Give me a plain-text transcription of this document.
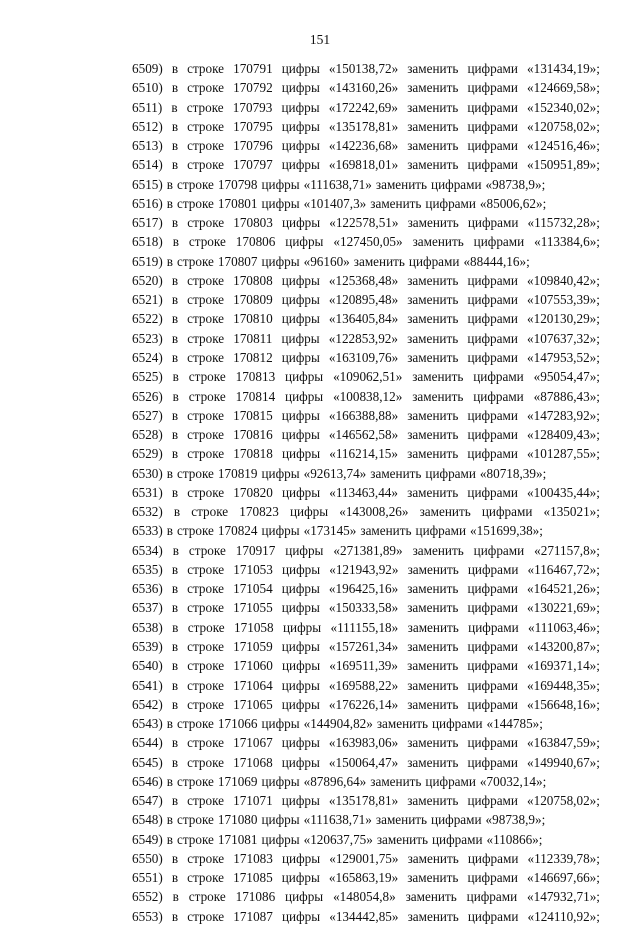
151
6509) в строке 170791 цифры «150138,72» заменить цифрами «131434,19»;
6510) в строке 170792 цифры «143160,26» заменить цифрами «124669,58»;
6511) в строке 170793 цифры «172242,69» заменить цифрами «152340,02»;
6512) в строке 170795 цифры «135178,81» заменить цифрами «120758,02»;
6513) в строке 170796 цифры «142236,68» заменить цифрами «124516,46»;
6514) в строке 170797 цифры «169818,01» заменить цифрами «150951,89»;
6515) в строке 170798 цифры «111638,71» заменить цифрами «98738,9»;
6516) в строке 170801 цифры «101407,3» заменить цифрами «85006,62»;
6517) в строке 170803 цифры «122578,51» заменить цифрами «115732,28»;
6518) в строке 170806 цифры «127450,05» заменить цифрами «113384,6»;
6519) в строке 170807 цифры «96160» заменить цифрами «88444,16»;
6520) в строке 170808 цифры «125368,48» заменить цифрами «109840,42»;
6521) в строке 170809 цифры «120895,48» заменить цифрами «107553,39»;
6522) в строке 170810 цифры «136405,84» заменить цифрами «120130,29»;
6523) в строке 170811 цифры «122853,92» заменить цифрами «107637,32»;
6524) в строке 170812 цифры «163109,76» заменить цифрами «147953,52»;
6525) в строке 170813 цифры «109062,51» заменить цифрами «95054,47»;
6526) в строке 170814 цифры «100838,12» заменить цифрами «87886,43»;
6527) в строке 170815 цифры «166388,88» заменить цифрами «147283,92»;
6528) в строке 170816 цифры «146562,58» заменить цифрами «128409,43»;
6529) в строке 170818 цифры «116214,15» заменить цифрами «101287,55»;
6530) в строке 170819 цифры «92613,74» заменить цифрами «80718,39»;
6531) в строке 170820 цифры «113463,44» заменить цифрами «100435,44»;
6532) в строке 170823 цифры «143008,26» заменить цифрами «135021»;
6533) в строке 170824 цифры «173145» заменить цифрами «151699,38»;
6534) в строке 170917 цифры «271381,89» заменить цифрами «271157,8»;
6535) в строке 171053 цифры «121943,92» заменить цифрами «116467,72»;
6536) в строке 171054 цифры «196425,16» заменить цифрами «164521,26»;
6537) в строке 171055 цифры «150333,58» заменить цифрами «130221,69»;
6538) в строке 171058 цифры «111155,18» заменить цифрами «111063,46»;
6539) в строке 171059 цифры «157261,34» заменить цифрами «143200,87»;
6540) в строке 171060 цифры «169511,39» заменить цифрами «169371,14»;
6541) в строке 171064 цифры «169588,22» заменить цифрами «169448,35»;
6542) в строке 171065 цифры «176226,14» заменить цифрами «156648,16»;
6543) в строке 171066 цифры «144904,82» заменить цифрами «144785»;
6544) в строке 171067 цифры «163983,06» заменить цифрами «163847,59»;
6545) в строке 171068 цифры «150064,47» заменить цифрами «149940,67»;
6546) в строке 171069 цифры «87896,64» заменить цифрами «70032,14»;
6547) в строке 171071 цифры «135178,81» заменить цифрами «120758,02»;
6548) в строке 171080 цифры «111638,71» заменить цифрами «98738,9»;
6549) в строке 171081 цифры «120637,75» заменить цифрами «110866»;
6550) в строке 171083 цифры «129001,75» заменить цифрами «112339,78»;
6551) в строке 171085 цифры «165863,19» заменить цифрами «146697,66»;
6552) в строке 171086 цифры «148054,8» заменить цифрами «147932,71»;
6553) в строке 171087 цифры «134442,85» заменить цифрами «124110,92»;
